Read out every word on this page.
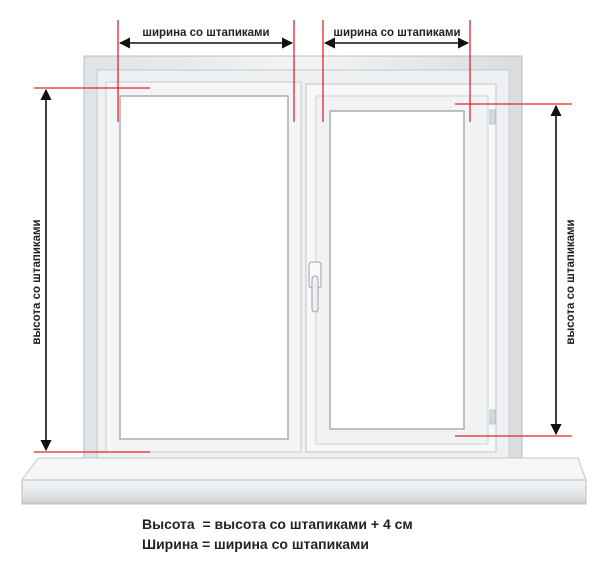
ширина со штапиками	ширина со штапиками
высота со штапиками	высота со штапиками
Высота  = высота со штапиками + 4 см
Ширина = ширина со штапиками
